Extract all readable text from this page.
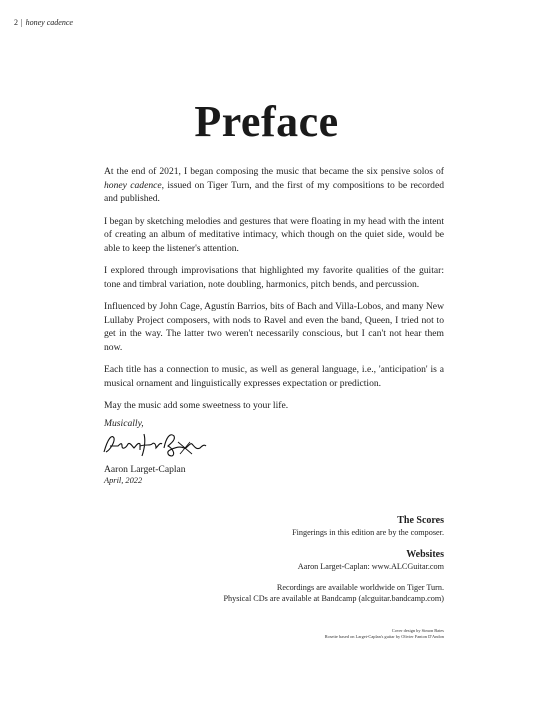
2 | honey cadence
Preface

At the end of 2021, I began composing the music that became the six pensive solos of honey cadence, issued on Tiger Turn, and the first of my compositions to be recorded and published.

I began by sketching melodies and gestures that were floating in my head with the intent of creating an album of meditative intimacy, which though on the quiet side, would be able to keep the listener's attention.

I explored through improvisations that highlighted my favorite qualities of the guitar: tone and timbral variation, note doubling, harmonics, pitch bends, and percussion.

Influenced by John Cage, Agustín Barrios, bits of Bach and Villa-Lobos, and many New Lullaby Project composers, with nods to Ravel and even the band, Queen, I tried not to get in the way. The latter two weren't necessarily conscious, but I can't not hear them now.

Each title has a connection to music, as well as general language, i.e., 'anticipation' is a musical ornament and linguistically expresses expectation or prediction.

May the music add some sweetness to your life.

Musically,
Aaron Larget-Caplan
April, 2022

The Scores

Fingerings in this edition are by the composer.

Websites

Aaron Larget-Caplan: www.ALCGuitar.com

Recordings are available worldwide on Tiger Turn.

Physical CDs are available at Bandcamp (alcguitar.bandcamp.com)

Cover design by Simon Bates

Rosette based on Larget-Caplan's guitar by Olivier Fanton D'Andon
